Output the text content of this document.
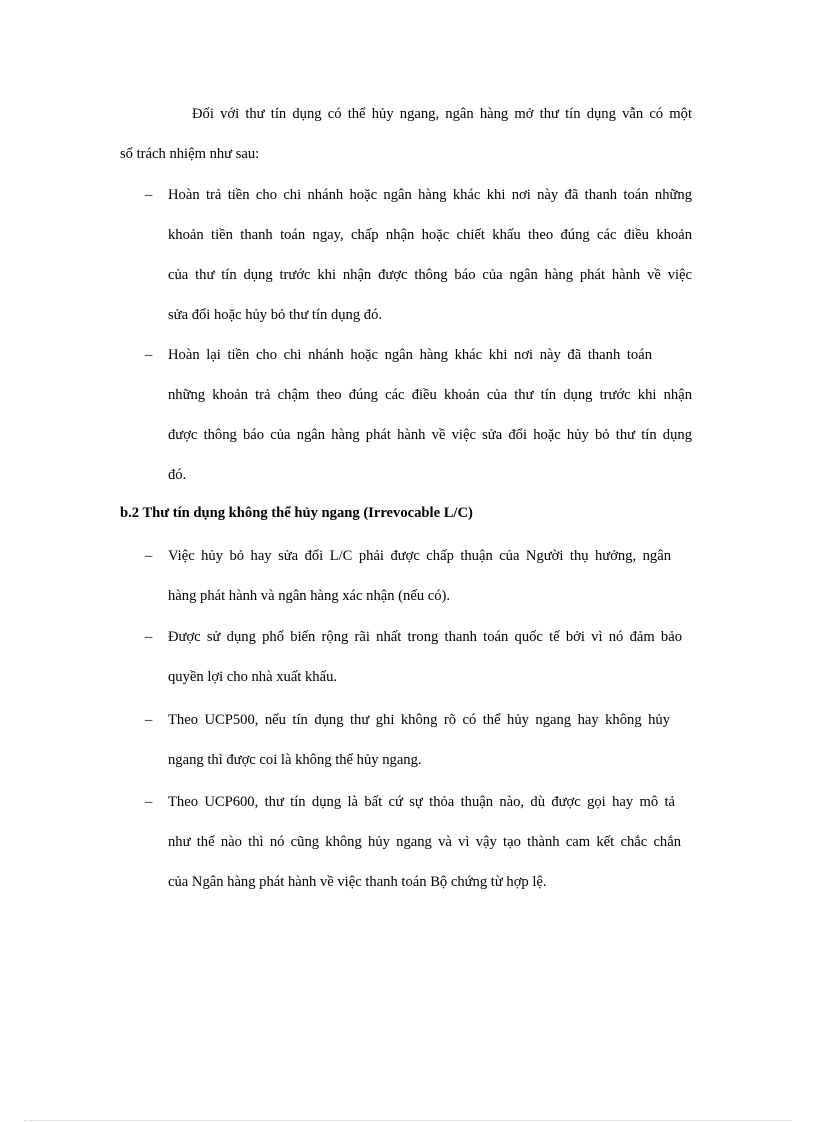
Đối với thư tín dụng có thể hủy ngang, ngân hàng mở thư tín dụng vẫn có một
số trách nhiệm như sau:
– Hoàn trả tiền cho chi nhánh hoặc ngân hàng khác khi nơi này đã thanh toán những
khoản tiền thanh toán ngay, chấp nhận hoặc chiết khấu theo đúng các điều khoản
của thư tín dụng trước khi nhận được thông báo của ngân hàng phát hành về việc
sửa đổi hoặc hủy bỏ thư tín dụng đó.
– Hoàn lại tiền cho chi nhánh hoặc ngân hàng khác khi nơi này đã thanh toán
những khoản trả chậm theo đúng các điều khoản của thư tín dụng trước khi nhận
được thông báo của ngân hàng phát hành về việc sửa đổi hoặc hủy bỏ thư tín dụng
đó.
b.2 Thư tín dụng không thể hủy ngang (Irrevocable L/C)
– Việc hủy bỏ hay sửa đổi L/C phải được chấp thuận của Người thụ hưởng, ngân
hàng phát hành và ngân hàng xác nhận (nếu có).
– Được sử dụng phổ biến rộng rãi nhất trong thanh toán quốc tế bởi vì nó đảm bảo
quyền lợi cho nhà xuất khẩu.
– Theo UCP500, nếu tín dụng thư ghi không rõ có thể hủy ngang hay không hủy
ngang thì được coi là không thể hủy ngang.
– Theo UCP600, thư tín dụng là bất cứ sự thỏa thuận nào, dù được gọi hay mô tả
như thế nào thì nó cũng không hủy ngang và vì vậy tạo thành cam kết chắc chắn
của Ngân hàng phát hành về việc thanh toán Bộ chứng từ hợp lệ.
